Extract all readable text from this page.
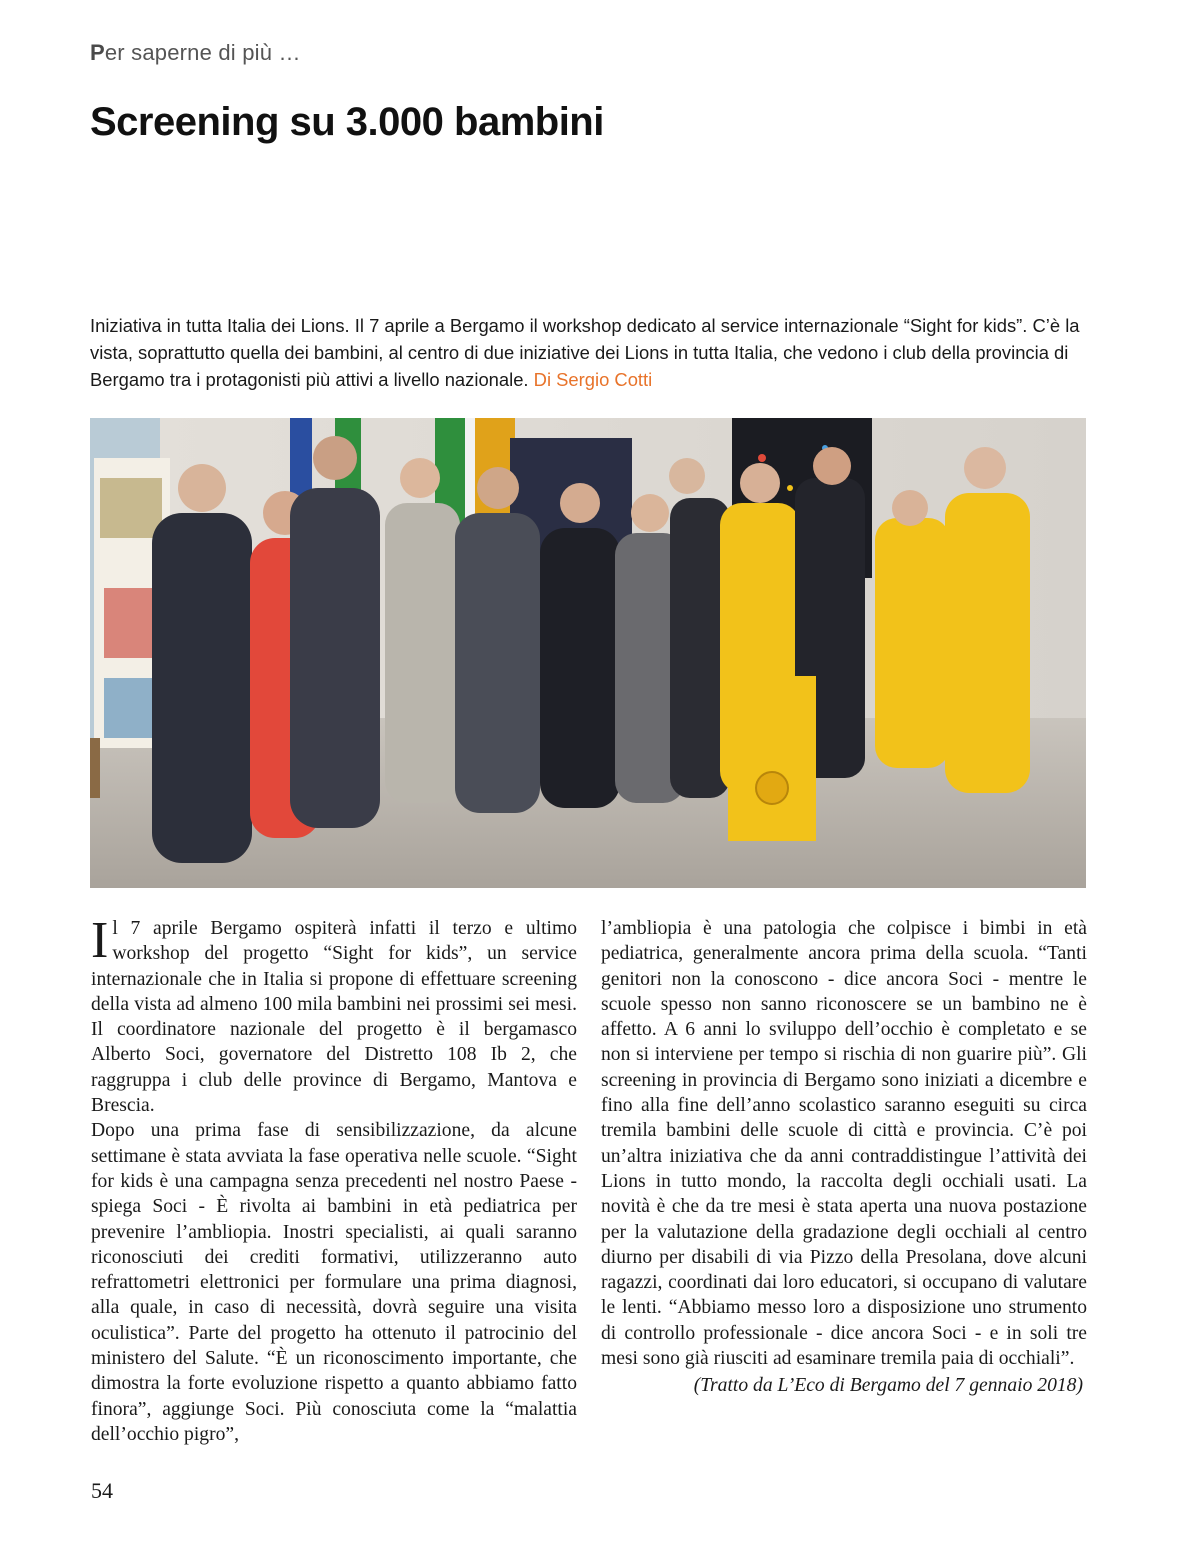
Per saperne di più …

Screening su 3.000 bambini

Iniziativa in tutta Italia dei Lions. Il 7 aprile a Bergamo il workshop dedicato al service internazionale “Sight for kids”. C’è la vista, soprattutto quella dei bambini, al centro di due iniziative dei Lions in tutta Italia, che vedono i club della provincia di Bergamo tra i protagonisti più attivi a livello nazionale. Di Sergio Cotti

Il 7 aprile Bergamo ospiterà infatti il terzo e ultimo workshop del progetto “Sight for kids”, un service internazionale che in Italia si propone di effettuare screening della vista ad almeno 100 mila bambini nei prossimi sei mesi. Il coordinatore nazionale del progetto è il bergamasco Alberto Soci, governatore del Distretto 108 Ib 2, che raggruppa i club delle province di Bergamo, Mantova e Brescia.

Dopo una prima fase di sensibilizzazione, da alcune settimane è stata avviata la fase operativa nelle scuole. “Sight for kids è una campagna senza precedenti nel nostro Paese - spiega Soci - È rivolta ai bambini in età pediatrica per prevenire l’ambliopia. Inostri specialisti, ai quali saranno riconosciuti dei crediti formativi, utilizzeranno auto refrattometri elettronici per formulare una prima diagnosi, alla quale, in caso di necessità, dovrà seguire una visita oculistica”. Parte del progetto ha ottenuto il patrocinio del ministero del Salute. “È un riconoscimento importante, che dimostra la forte evoluzione rispetto a quanto abbiamo fatto finora”, aggiunge Soci. Più conosciuta come la “malattia dell’occhio pigro”,

l’ambliopia è una patologia che colpisce i bimbi in età pediatrica, generalmente ancora prima della scuola. “Tanti genitori non la conoscono - dice ancora Soci - mentre le scuole spesso non sanno riconoscere se un bambino ne è affetto. A 6 anni lo sviluppo dell’occhio è completato e se non si interviene per tempo si rischia di non guarire più”. Gli screening in provincia di Bergamo sono iniziati a dicembre e fino alla fine dell’anno scolastico saranno eseguiti su circa tremila bambini delle scuole di città e provincia. C’è poi un’altra iniziativa che da anni contraddistingue l’attività dei Lions in tutto mondo, la raccolta degli occhiali usati. La novità è che da tre mesi è stata aperta una nuova postazione per la valutazione della gradazione degli occhiali al centro diurno per disabili di via Pizzo della Presolana, dove alcuni ragazzi, coordinati dai loro educatori, si occupano di valutare le lenti. “Abbiamo messo loro a disposizione uno strumento di controllo professionale - dice ancora Soci - e in soli tre mesi sono già riusciti ad esaminare tremila paia di occhiali”.

(Tratto da L’Eco di Bergamo del 7 gennaio 2018)

54
